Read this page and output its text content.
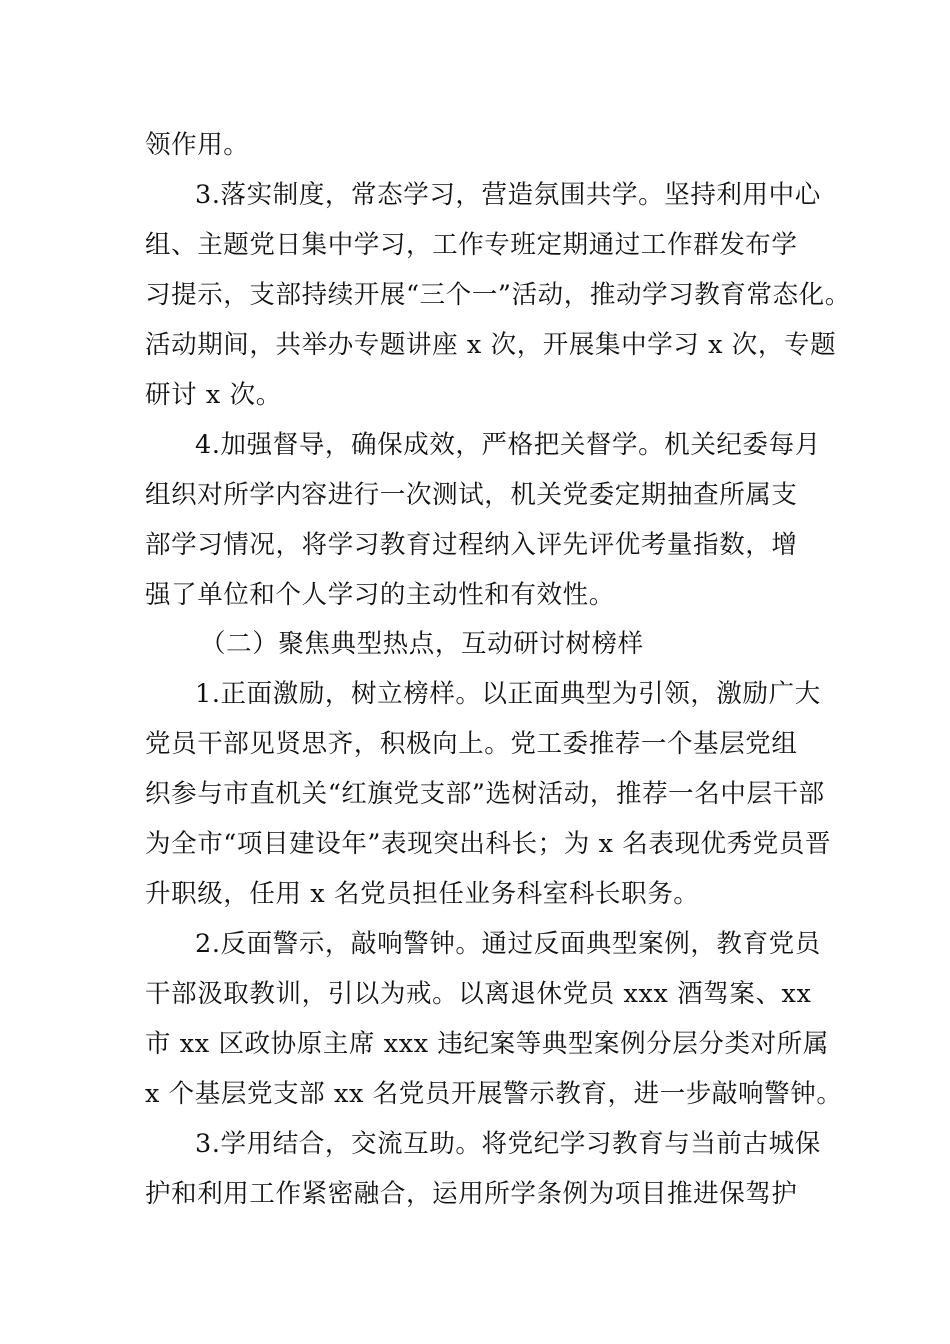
领作用。
3.落实制度，常态学习，营造氛围共学。坚持利用中心
组、主题党日集中学习，工作专班定期通过工作群发布学
习提示，支部持续开展“三个一”活动，推动学习教育常态化。
活动期间，共举办专题讲座 x 次，开展集中学习 x 次，专题
研讨 x 次。
4.加强督导，确保成效，严格把关督学。机关纪委每月
组织对所学内容进行一次测试，机关党委定期抽查所属支
部学习情况，将学习教育过程纳入评先评优考量指数，增
强了单位和个人学习的主动性和有效性。
（二）聚焦典型热点，互动研讨树榜样
1.正面激励，树立榜样。以正面典型为引领，激励广大
党员干部见贤思齐，积极向上。党工委推荐一个基层党组
织参与市直机关“红旗党支部”选树活动，推荐一名中层干部
为全市“项目建设年”表现突出科长；为 x 名表现优秀党员晋
升职级，任用 x 名党员担任业务科室科长职务。
2.反面警示，敲响警钟。通过反面典型案例，教育党员
干部汲取教训，引以为戒。以离退休党员 xxx 酒驾案、xx
市 xx 区政协原主席 xxx 违纪案等典型案例分层分类对所属
x 个基层党支部 xx 名党员开展警示教育，进一步敲响警钟。
3.学用结合，交流互助。将党纪学习教育与当前古城保
护和利用工作紧密融合，运用所学条例为项目推进保驾护
